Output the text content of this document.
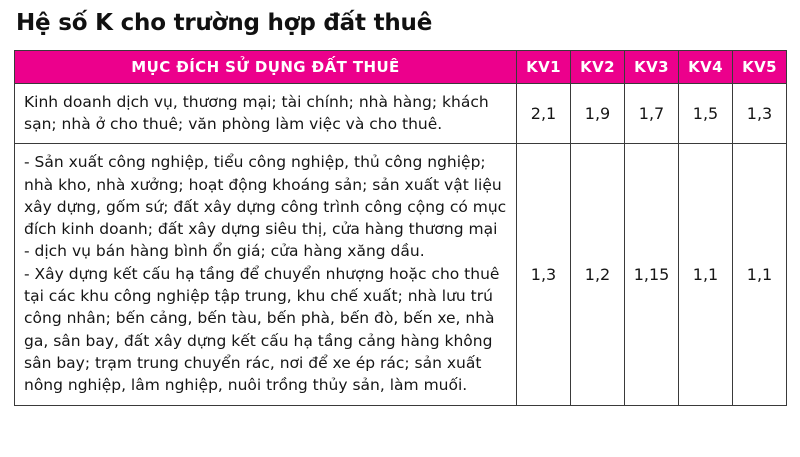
Hệ số K cho trường hợp đất thuê
MỤC ĐÍCH SỬ DỤNG ĐẤT THUÊ	KV1	KV2	KV3	KV4	KV5

Kinh doanh dịch vụ, thương mại; tài chính; nhà hàng; khách sạn; nhà ở cho thuê; văn phòng làm việc và cho thuê.	2,1	1,9	1,7	1,5	1,3

- Sản xuất công nghiệp, tiểu công nghiệp, thủ công nghiệp; nhà kho, nhà xưởng; hoạt động khoáng sản; sản xuất vật liệu xây dựng, gốm sứ; đất xây dựng công trình công cộng có mục đích kinh doanh; đất xây dựng siêu thị, cửa hàng thương mại
- dịch vụ bán hàng bình ổn giá; cửa hàng xăng dầu.
- Xây dựng kết cấu hạ tầng để chuyển nhượng hoặc cho thuê tại các khu công nghiệp tập trung, khu chế xuất; nhà lưu trú công nhân; bến cảng, bến tàu, bến phà, bến đò, bến xe, nhà ga, sân bay, đất xây dựng kết cấu hạ tầng cảng hàng không sân bay; trạm trung chuyển rác, nơi để xe ép rác; sản xuất nông nghiệp, lâm nghiệp, nuôi trồng thủy sản, làm muối.	1,3	1,2	1,15	1,1	1,1
